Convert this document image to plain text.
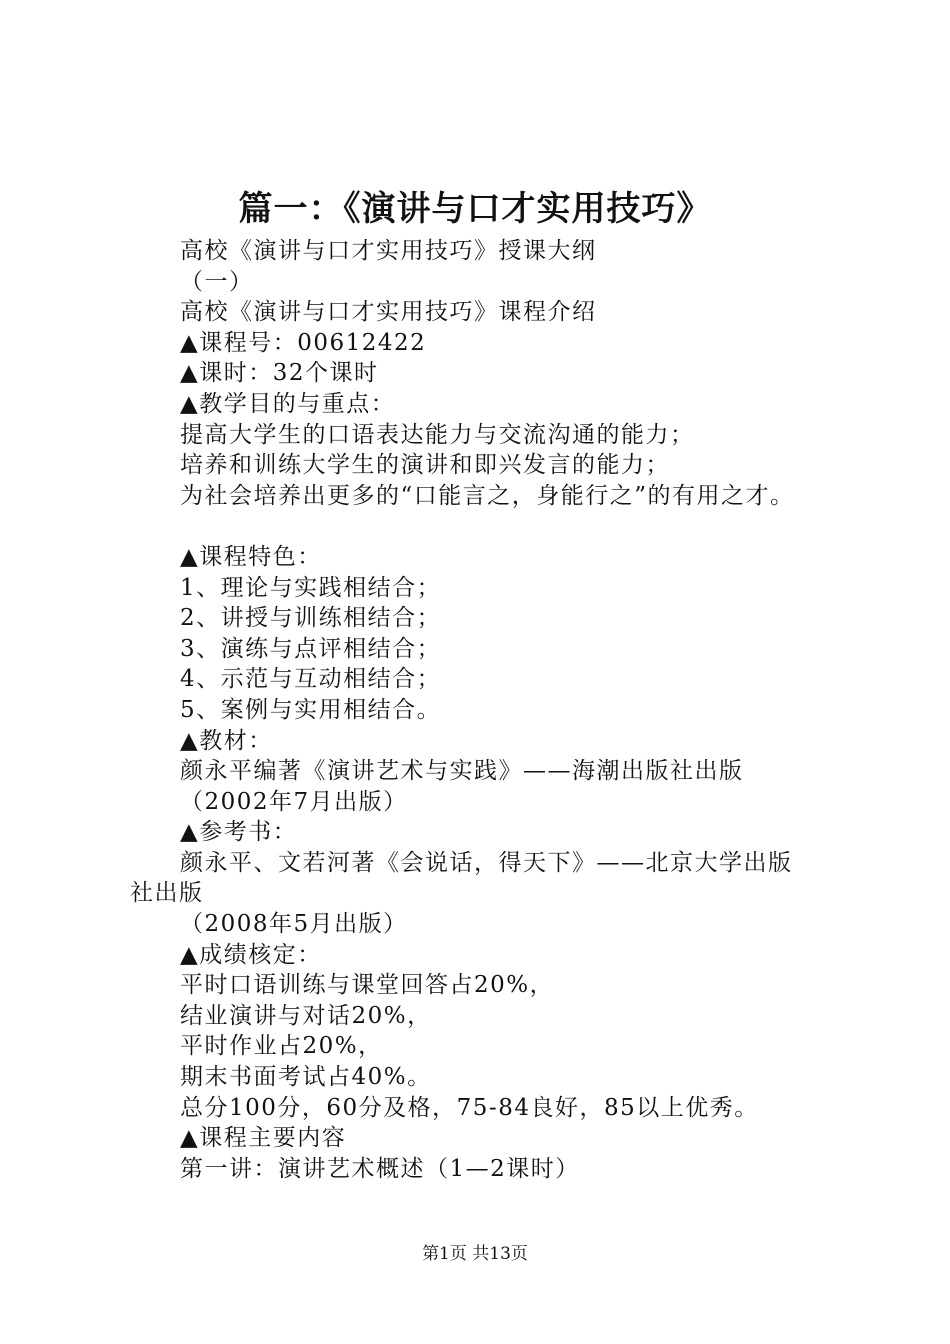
篇一：《演讲与口才实用技巧》
高校《演讲与口才实用技巧》授课大纲
（一）
高校《演讲与口才实用技巧》课程介绍
▲课程号：00612422
▲课时：32个课时
▲教学目的与重点：
提高大学生的口语表达能力与交流沟通的能力；
培养和训练大学生的演讲和即兴发言的能力；
为社会培养出更多的“口能言之，身能行之”的有用之才。
▲课程特色：
1、理论与实践相结合；
2、讲授与训练相结合；
3、演练与点评相结合；
4、示范与互动相结合；
5、案例与实用相结合。
▲教材：
颜永平编著《演讲艺术与实践》——海潮出版社出版
（2002年7月出版）
▲参考书：
颜永平、文若河著《会说话，得天下》——北京大学出版
社出版
（2008年5月出版）
▲成绩核定：
平时口语训练与课堂回答占20%，
结业演讲与对话20%，
平时作业占20%，
期末书面考试占40%。
总分100分，60分及格，75-84良好，85以上优秀。
▲课程主要内容
第一讲：演讲艺术概述（1—2课时）
第1页 共13页
